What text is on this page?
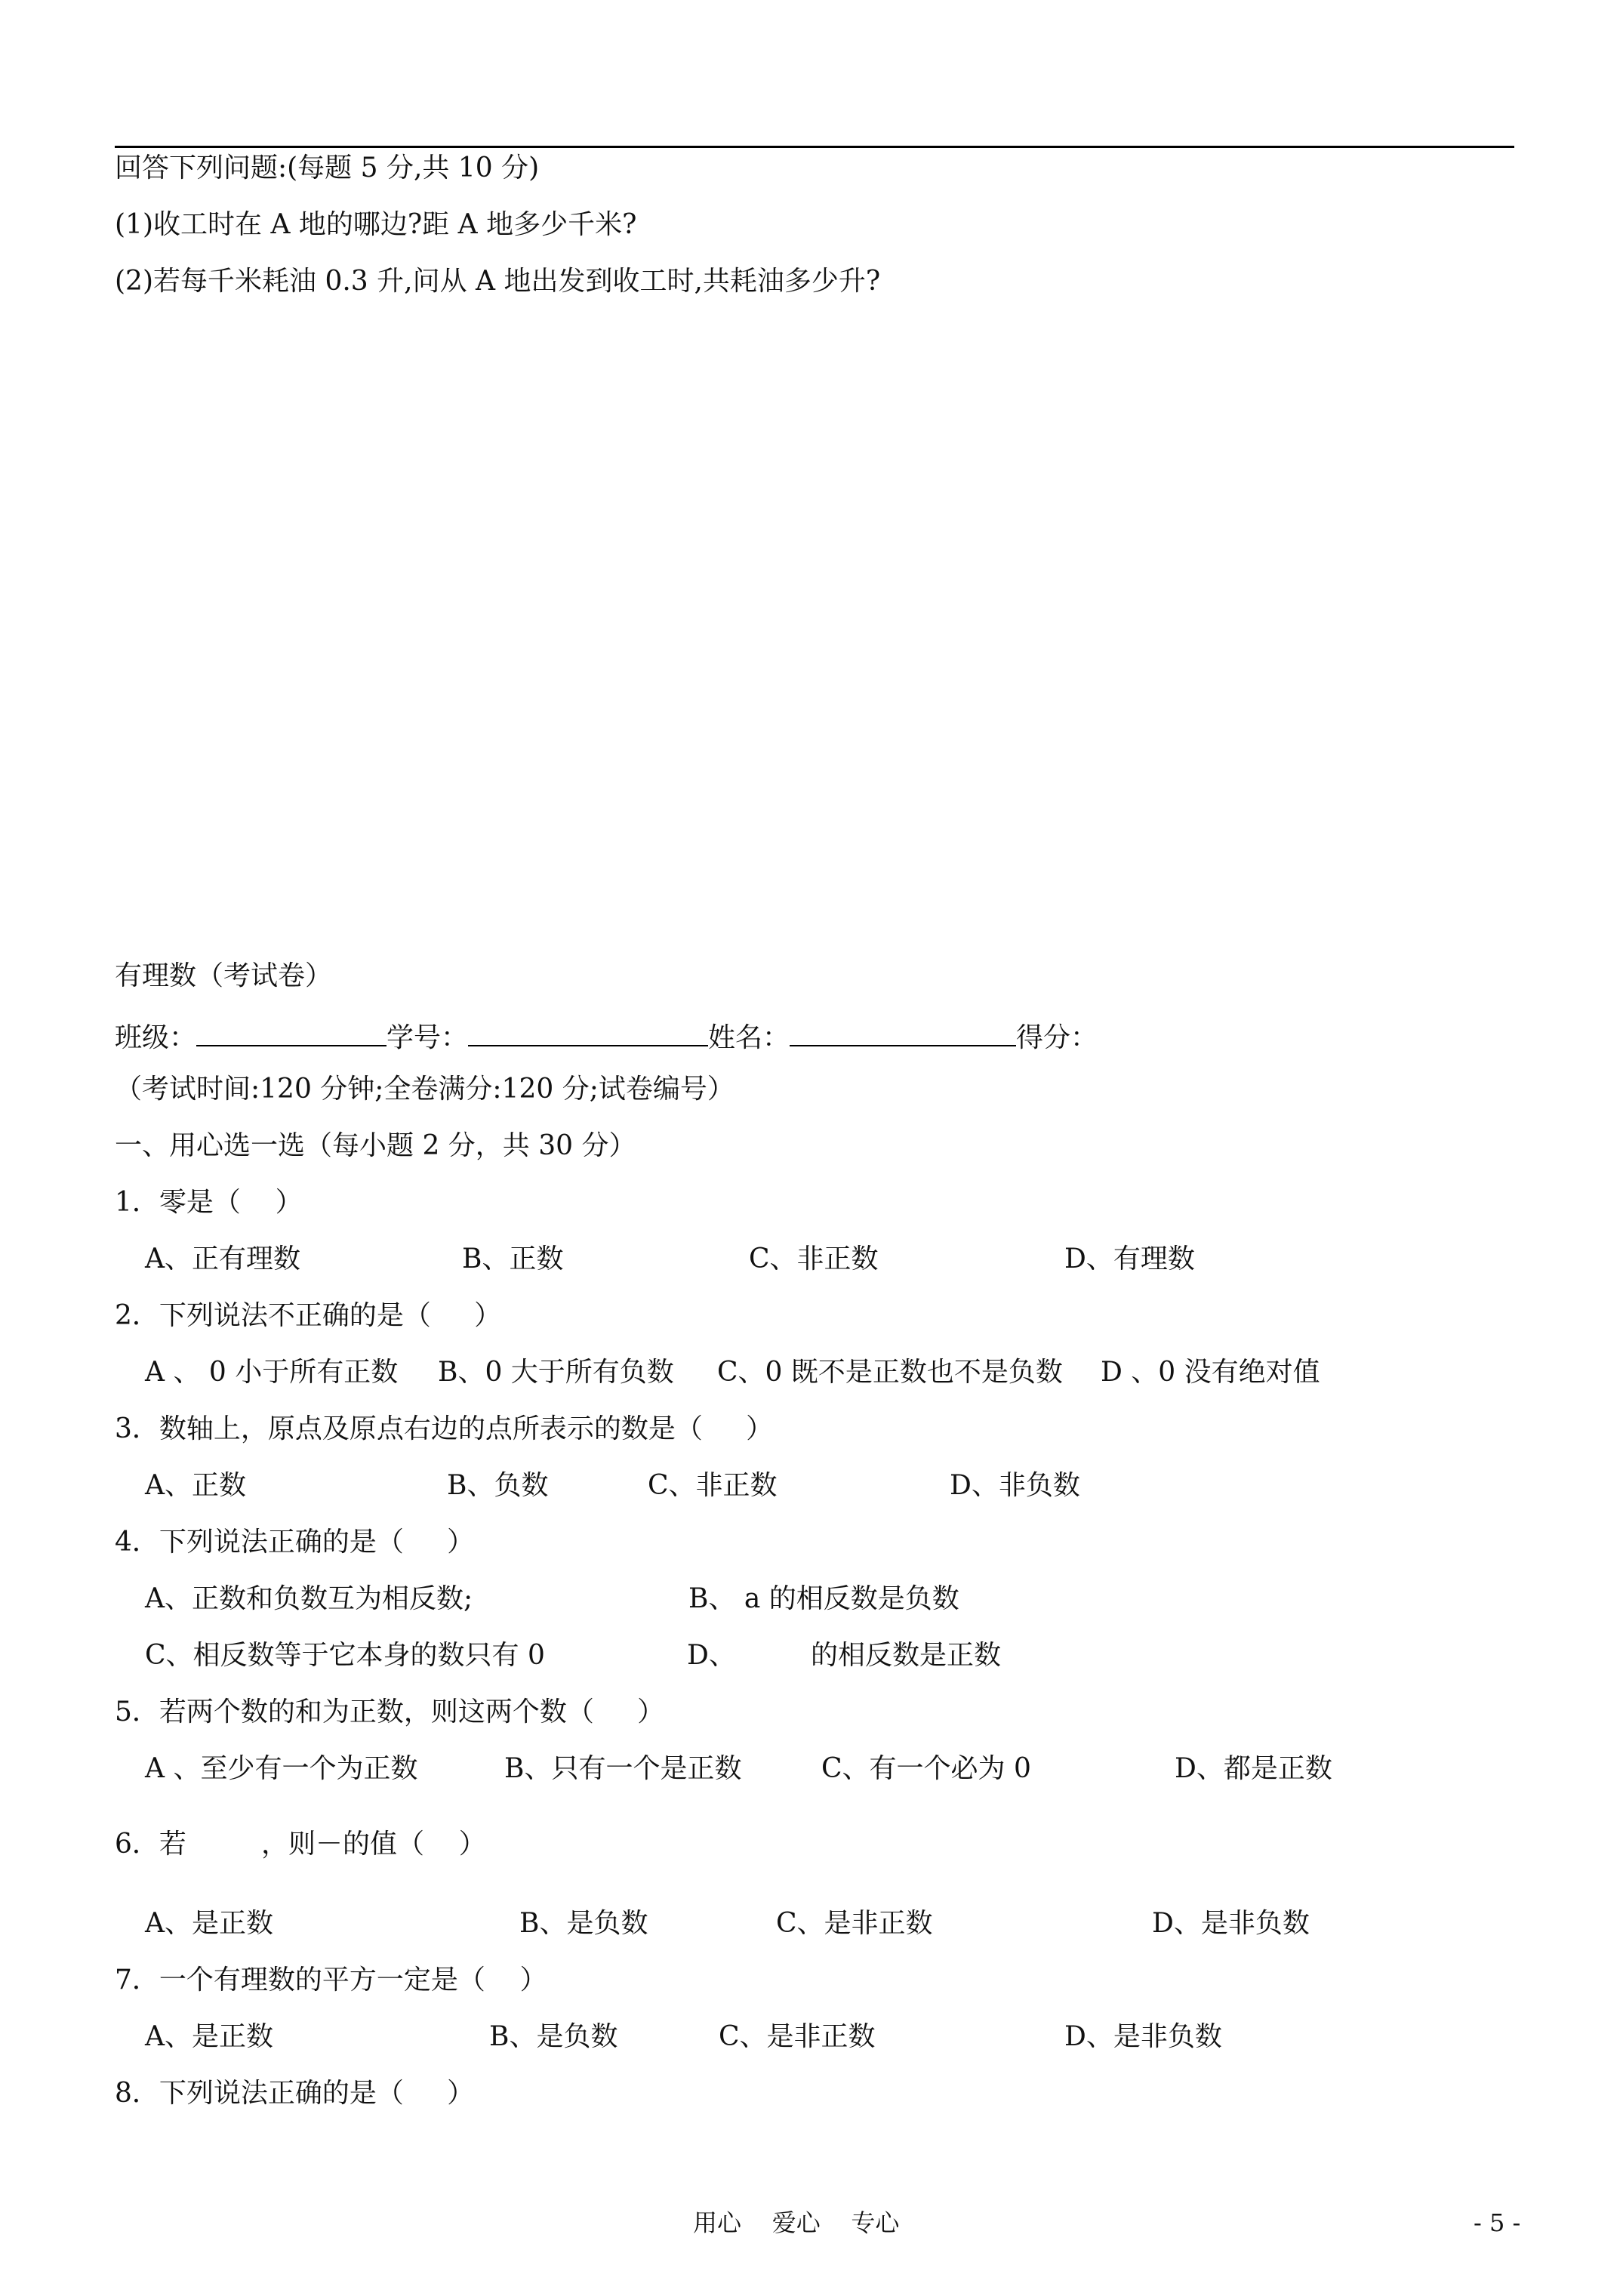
回答下列问题:(每题 5 分,共 10 分)
(1)收工时在 A 地的哪边?距 A 地多少千米?
(2)若每千米耗油 0.3 升,问从 A 地出发到收工时,共耗油多少升?
有理数（考试卷）
班级：	学号：	姓名：	得分：
（考试时间:120 分钟;全卷满分:120 分;试卷编号）
一、用心选一选（每小题 2 分，共 30 分）
1．零是（    ）
A、正有理数	B、正数	C、非正数	D、有理数
2．下列说法不正确的是（     ）
A 、 0 小于所有正数 B、0 大于所有负数 C、0 既不是正数也不是负数 D 、0 没有绝对值
3．数轴上，原点及原点右边的点所表示的数是（     ）
A、正数	B、负数	C、非正数	D、非负数
4．下列说法正确的是（     ）
A、正数和负数互为相反数;	B、 a 的相反数是负数
C、相反数等于它本身的数只有 0	D、	的相反数是正数
5．若两个数的和为正数，则这两个数（     ）
A 、至少有一个为正数	B、只有一个是正数	C、有一个必为 0	D、都是正数
6．若	，则－的值（    ）
A、是正数	B、是负数	C、是非正数	D、是非负数
7．一个有理数的平方一定是（    ）
A、是正数	B、是负数	C、是非正数	D、是非负数
8．下列说法正确的是（     ）
用心    爱心    专心	- 5 -
